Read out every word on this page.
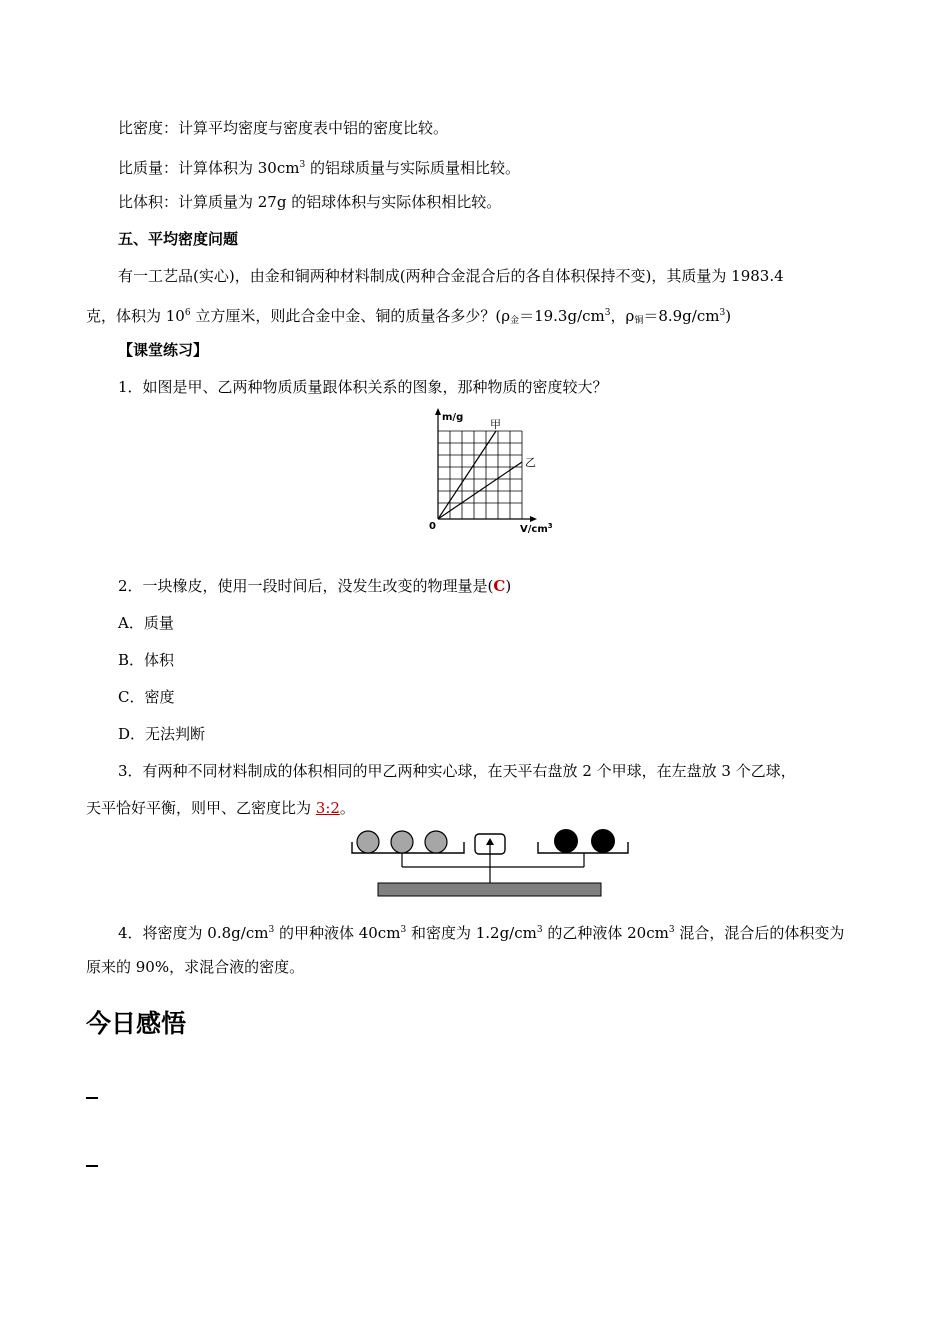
比密度：计算平均密度与密度表中铝的密度比较。
比质量：计算体积为 $30cm^3$ 的铝球质量与实际质量相比较。
比体积：计算质量为 27g 的铝球体积与实际体积相比较。
五、平均密度问题
有一工艺品(实心)，由金和铜两种材料制成(两种合金混合后的各自体积保持不变)，其质量为 1983.4
克，体积为 $10^6$ 立方厘米，则此合金中金、铜的质量各多少？($\rho_金=19.3g/cm^3$，$\rho_铜=8.9g/cm^3$)
【课堂练习】
1．如图是甲、乙两种物质质量跟体积关系的图象，那种物质的密度较大？
m/g
甲
乙
0	$V/cm^3$
2．一块橡皮，使用一段时间后，没发生改变的物理量是(C)
A．质量
B．体积
C．密度
D．无法判断
3．有两种不同材料制成的体积相同的甲乙两种实心球，在天平右盘放 2 个甲球，在左盘放 3 个乙球，
天平恰好平衡，则甲、乙密度比为 3:2。
4．将密度为 $0.8g/cm^3$ 的甲种液体 $40cm^3$ 和密度为 $1.2g/cm^3$ 的乙种液体 $20cm^3$ 混合，混合后的体积变为
原来的 90%，求混合液的密度。
今日感悟
